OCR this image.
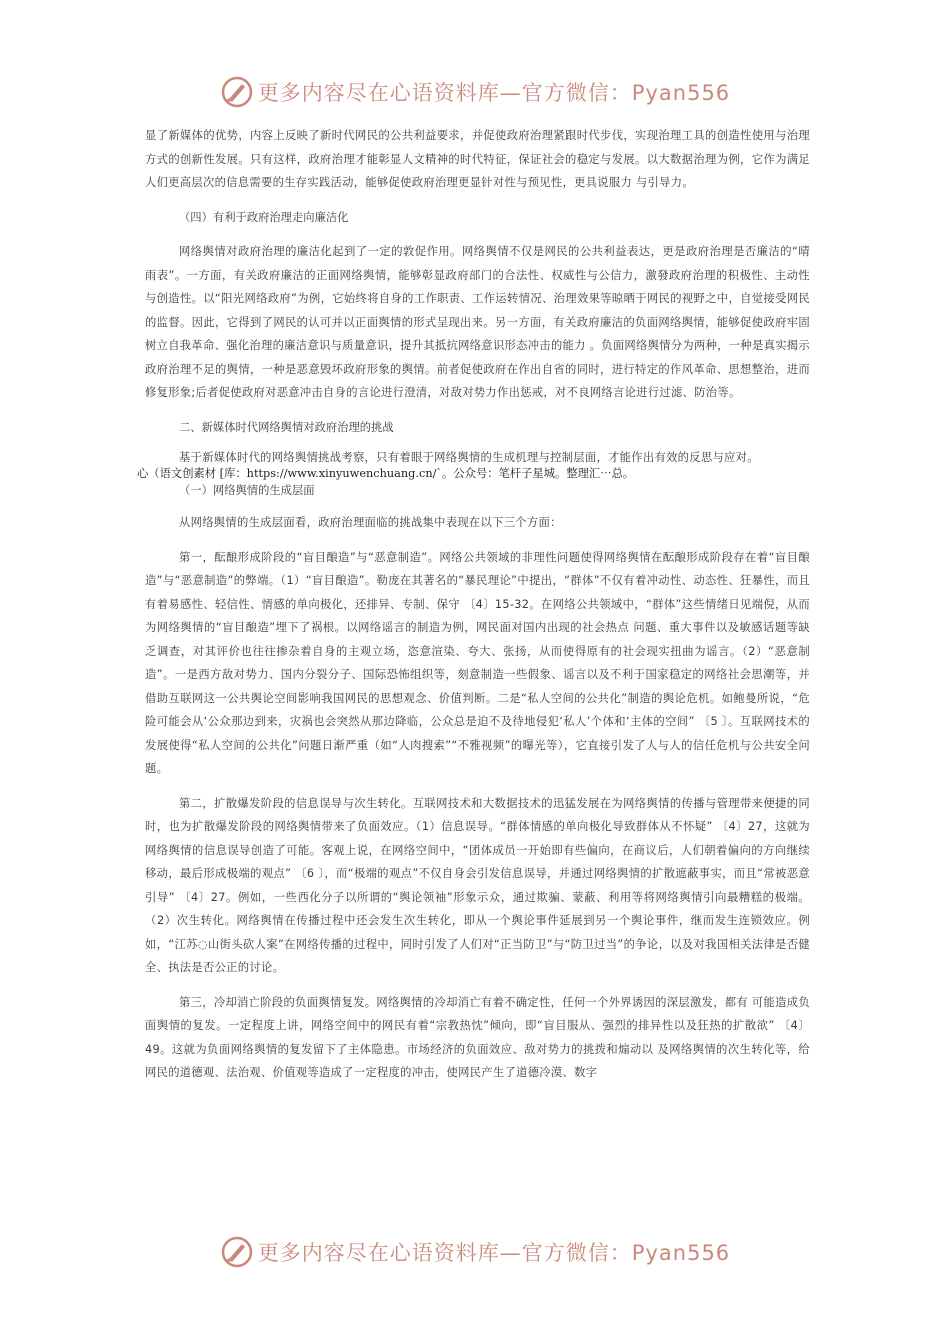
更多内容尽在心语资料库—官方微信：Pyan556

显了新媒体的优势，内容上反映了新时代网民的公共利益要求，并促使政府治理紧跟时代步伐，实现治理工具的创造性使用与治理方式的创新性发展。只有这样，政府治理才能彰显人文精神的时代特征，保证社会的稳定与发展。以大数据治理为例，它作为满足人们更高层次的信息需要的生存实践活动，能够促使政府治理更显针对性与预见性，更具说服力 与引导力。

（四）有利于政府治理走向廉洁化

网络舆情对政府治理的廉洁化起到了一定的敦促作用。网络舆情不仅是网民的公共利益表达，更是政府治理是否廉洁的“晴雨表”。一方面，有关政府廉洁的正面网络舆情，能够彰显政府部门的合法性、权威性与公信力，激發政府治理的积极性、主动性与创造性。以“阳光网络政府”为例，它始终将自身的工作职责、工作运转情况、治理效果等晾晒于网民的视野之中，自觉接受网民的监督。因此，它得到了网民的认可并以正面舆情的形式呈现出来。另一方面，有关政府廉洁的负面网络舆情，能够促使政府牢固树立自我革命、强化治理的廉洁意识与质量意识，提升其抵抗网络意识形态冲击的能力 。负面网络舆情分为两种，一种是真实揭示政府治理不足的舆情，一种是恶意毁坏政府形象的舆情。前者促使政府在作出自省的同时，进行特定的作风革命、思想整治，进而修复形象;后者促使政府对恶意冲击自身的言论进行澄清，对敌对势力作出惩戒，对不良网络言论进行过滤、防治等。

二、新媒体时代网络舆情对政府治理的挑战

基于新媒体时代的网络舆情挑战考察，只有着眼于网络舆情的生成机理与控制层面，才能作出有效的反思与应对。

心（语文创素材 [库：https://www.xinyuwenchuang.cn/`。公众号：笔杆子星城。整理汇⋯总。

（一）网络舆情的生成层面

从网络舆情的生成层面看，政府治理面临的挑战集中表现在以下三个方面：

第一，酝酿形成阶段的“盲目酿造”与“恶意制造”。网络公共领域的非理性问题使得网络舆情在酝酿形成阶段存在着“盲目酿造”与“恶意制造”的弊端。（1）“盲目酿造”。勒庞在其著名的“暴民理论”中提出，“群体”不仅有着冲动性、动态性、狂暴性，而且有着易感性、轻信性、情感的单向极化，还排异、专制、保守 〔4〕15-32。在网络公共领域中，“群体”这些情绪日见端倪，从而为网络舆情的“盲目酿造”埋下了祸根。以网络谣言的制造为例，网民面对国内出现的社会热点 问题、重大事件以及敏感话题等缺乏调查，对其评价也往往掺杂着自身的主观立场，恣意渲染、夸大、张扬，从而使得原有的社会现实扭曲为谣言。（2）“恶意制造”。一是西方敌对势力、国内分裂分子、国际恐怖组织等，刻意制造一些假象、谣言以及不利于国家稳定的网络社会思潮等，并借助互联网这一公共舆论空间影响我国网民的思想观念、价值判断。二是“私人空间的公共化”制造的舆论危机。如鲍曼所说，“危险可能会从‘公众那边到来，灾祸也会突然从那边降临，公众总是迫不及待地侵犯‘私人’个体和‘主体的空间” 〔5 〕。互联网技术的发展使得“私人空间的公共化”问题日渐严重（如“人肉搜索”“不雅视频”的曝光等），它直接引发了人与人的信任危机与公共安全问题。

第二，扩散爆发阶段的信息误导与次生转化。互联网技术和大数据技术的迅猛发展在为网络舆情的传播与管理带来便捷的同时，也为扩散爆发阶段的网络舆情带来了负面效应。（1）信息误导。“群体情感的单向极化导致群体从不怀疑” 〔4〕27，这就为网络舆情的信息误导创造了可能。客观上说，在网络空间中，“团体成员一开始即有些偏向，在商议后，人们朝着偏向的方向继续移动，最后形成极端的观点” 〔6 〕，而“极端的观点”不仅自身会引发信息误导，并通过网络舆情的扩散遮蔽事实，而且“常被恶意引导” 〔4〕27。例如，一些西化分子以所谓的“舆论领袖”形象示众，通过欺骗、蒙蔽、利用等将网络舆情引向最糟糕的极端。（2）次生转化。网络舆情在传播过程中还会发生次生转化，即从一个舆论事件延展到另一个舆论事件，继而发生连锁效应。例如，“江苏◌山街头砍人案”在网络传播的过程中，同时引发了人们对“正当防卫”与“防卫过当”的争论，以及对我国相关法律是否健全、执法是否公正的讨论。

第三，冷却消亡阶段的负面舆情复发。网络舆情的冷却消亡有着不确定性，任何一个外界诱因的深层激发，都有 可能造成负面舆情的复发。一定程度上讲，网络空间中的网民有着“宗教热忱”倾向，即“盲目服从、强烈的排异性以及狂热的扩散欲” 〔4〕49。这就为负面网络舆情的复发留下了主体隐患。市场经济的负面效应、敌对势力的挑拨和煽动以 及网络舆情的次生转化等，给网民的道德观、法治观、价值观等造成了一定程度的冲击，使网民产生了道德冷漠、数字

更多内容尽在心语资料库—官方微信：Pyan556
